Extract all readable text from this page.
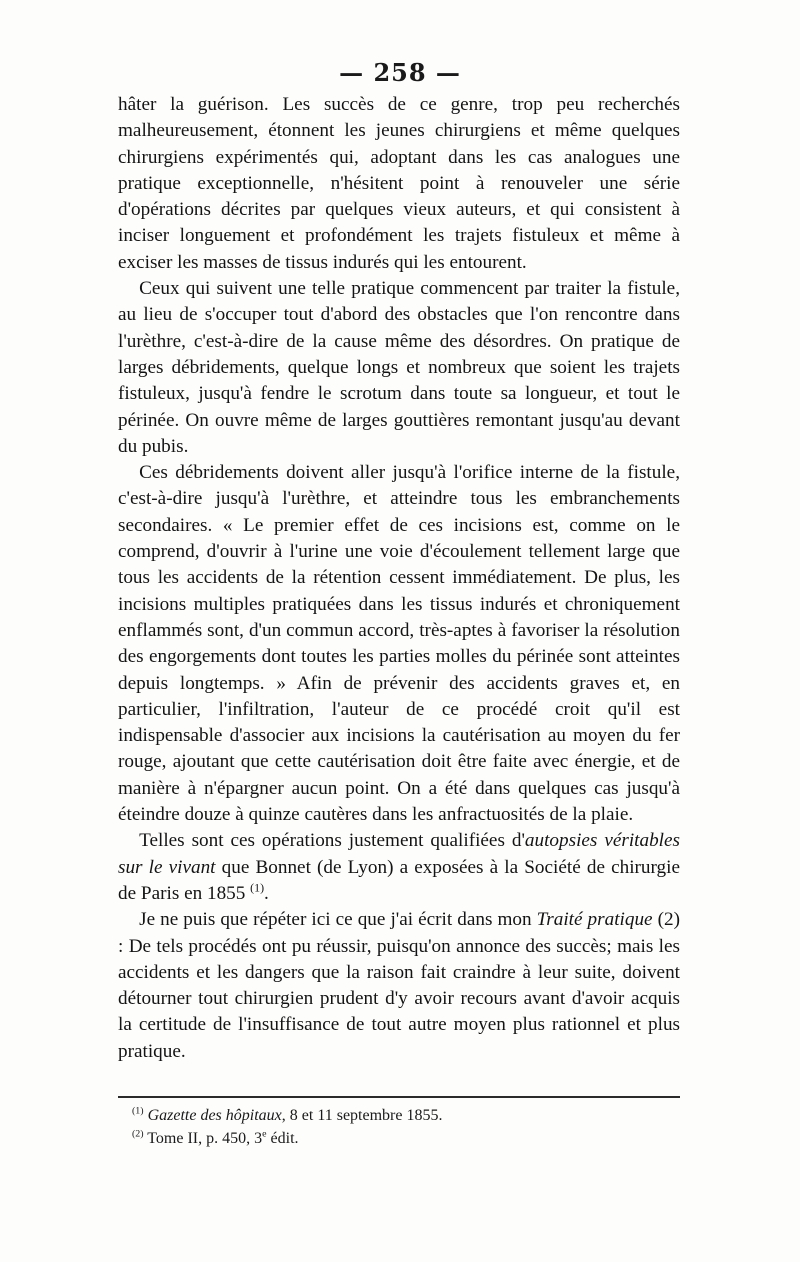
— 258 —

hâter la guérison. Les succès de ce genre, trop peu recherchés malheureusement, étonnent les jeunes chirurgiens et même quelques chirurgiens expérimentés qui, adoptant dans les cas analogues une pratique exceptionnelle, n'hésitent point à renouveler une série d'opérations décrites par quelques vieux auteurs, et qui consistent à inciser longuement et profondément les trajets fistuleux et même à exciser les masses de tissus indurés qui les entourent.

Ceux qui suivent une telle pratique commencent par traiter la fistule, au lieu de s'occuper tout d'abord des obstacles que l'on rencontre dans l'urèthre, c'est-à-dire de la cause même des désordres. On pratique de larges débridements, quelque longs et nombreux que soient les trajets fistuleux, jusqu'à fendre le scrotum dans toute sa longueur, et tout le périnée. On ouvre même de larges gouttières remontant jusqu'au devant du pubis.

Ces débridements doivent aller jusqu'à l'orifice interne de la fistule, c'est-à-dire jusqu'à l'urèthre, et atteindre tous les embranchements secondaires. « Le premier effet de ces incisions est, comme on le comprend, d'ouvrir à l'urine une voie d'écoulement tellement large que tous les accidents de la rétention cessent immédiatement. De plus, les incisions multiples pratiquées dans les tissus indurés et chroniquement enflammés sont, d'un commun accord, très-aptes à favoriser la résolution des engorgements dont toutes les parties molles du périnée sont atteintes depuis longtemps. » Afin de prévenir des accidents graves et, en particulier, l'infiltration, l'auteur de ce procédé croit qu'il est indispensable d'associer aux incisions la cautérisation au moyen du fer rouge, ajoutant que cette cautérisation doit être faite avec énergie, et de manière à n'épargner aucun point. On a été dans quelques cas jusqu'à éteindre douze à quinze cautères dans les anfractuosités de la plaie.

Telles sont ces opérations justement qualifiées d'autopsies véritables sur le vivant que Bonnet (de Lyon) a exposées à la Société de chirurgie de Paris en 1855 $^{(1)}$.

Je ne puis que répéter ici ce que j'ai écrit dans mon Traité pratique (2) : De tels procédés ont pu réussir, puisqu'on annonce des succès; mais les accidents et les dangers que la raison fait craindre à leur suite, doivent détourner tout chirurgien prudent d'y avoir recours avant d'avoir acquis la certitude de l'insuffisance de tout autre moyen plus rationnel et plus pratique.

$^{(1)}$ Gazette des hôpitaux, 8 et 11 septembre 1855.
$^{(2)}$ Tome II, p. 450, 3e édit.
